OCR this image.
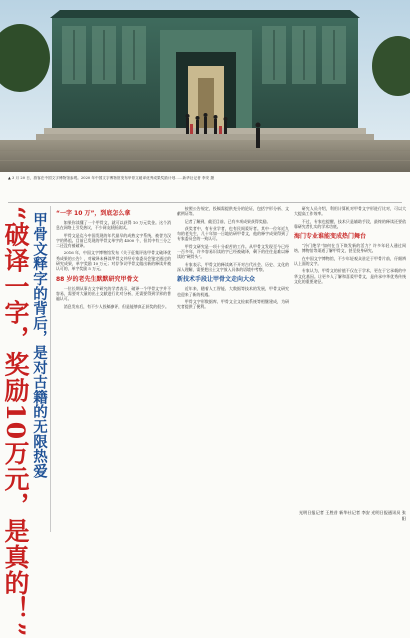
▲ 3 月 20 日，游客在中国文字博物馆参观。2020 年中国文字博物馆发布甲骨文破译优秀成果奖励计划……新华社记者 李安 摄
“破译一字，奖励10万元，是真的！” 甲骨文释字的背后，是对古籍的无限热爱 “一字 10 万”，到底怎么拿
如果你读懂了一个甲骨文，就可以获得 10 万元奖金。这个消息在网络上引发热议，不少网友跃跃欲试。
甲骨文是迄今中国发现的年代最早的成熟文字系统，被誉为汉字的鼻祖。目前已发现的甲骨文单字约 4500 个，但其中有三分之二还没有被破译。
2016 年，中国文字博物馆发布《关于征集评选甲骨文破译优秀成果的公告》，对破译未释读甲骨文并经专家委员会鉴定通过的研究成果，单字奖励 10 万元；对存争议甲骨文做出新的释读并被认可的，单字奖励 5 万元。
88 岁的老先生默默研究甲骨文
一位长期从事古文字研究的学者表示，破译一个甲骨文字并不容易，需要对大量的出土文献进行比对分析，还需要得到学界的普遍认可。
消息发布后，有不少人投稿参评，但是能够真正获奖的很少。
按照公告规定，投稿需提供充分的论证，包括字形分析、文献例证等。
记者了解到，截至目前，已有多项成果获得奖励。
获奖者中，有专业学者，也有民间爱好者。其中一位年近九旬的老先生，几十年如一日地钻研甲骨文，他的释字成果得到了专家委员会的一致认可。
甲骨文研究是一项十分艰苦的工作。从甲骨文发现至今已经一百多年，许多容易识读的字已经被破译，剩下的往往是难以释读的“硬骨头”。
专家表示，甲骨文的释读离不开对古代社会、历史、文化的深入理解，需要把出土文字放入具体的语境中考察。
新技术手段让甲骨文走向大众
近年来，随着人工智能、大数据等技术的发展，甲骨文研究也迎来了新的机遇。
甲骨文字形数据库、甲骨文全文检索系统等相继建成，为研究者提供了便利。
研究人员介绍，利用计算机对甲骨文字形进行比对，可以大大提高工作效率。
不过，专家也提醒，技术只是辅助手段，最终的释读还要依靠研究者扎实的学术功底。
海门专业谁能变成热门舞台
“冷门绝学”如何在当下焕发新的活力？许多年轻人通过网络、博物馆等渠道了解甲骨文，甚至投身研究。
在中国文字博物馆，不少年轻观众驻足于甲骨片前，仔细辨认上面的文字。
专家认为，甲骨文的价值不仅在于学术，更在于它承载的中华文化基因。让更多人了解和喜爱甲骨文，是传承中华优秀传统文化的重要途径。
光明日报记者 王胜昔 新华社记者 李安 光明日报通讯员 张 阳
